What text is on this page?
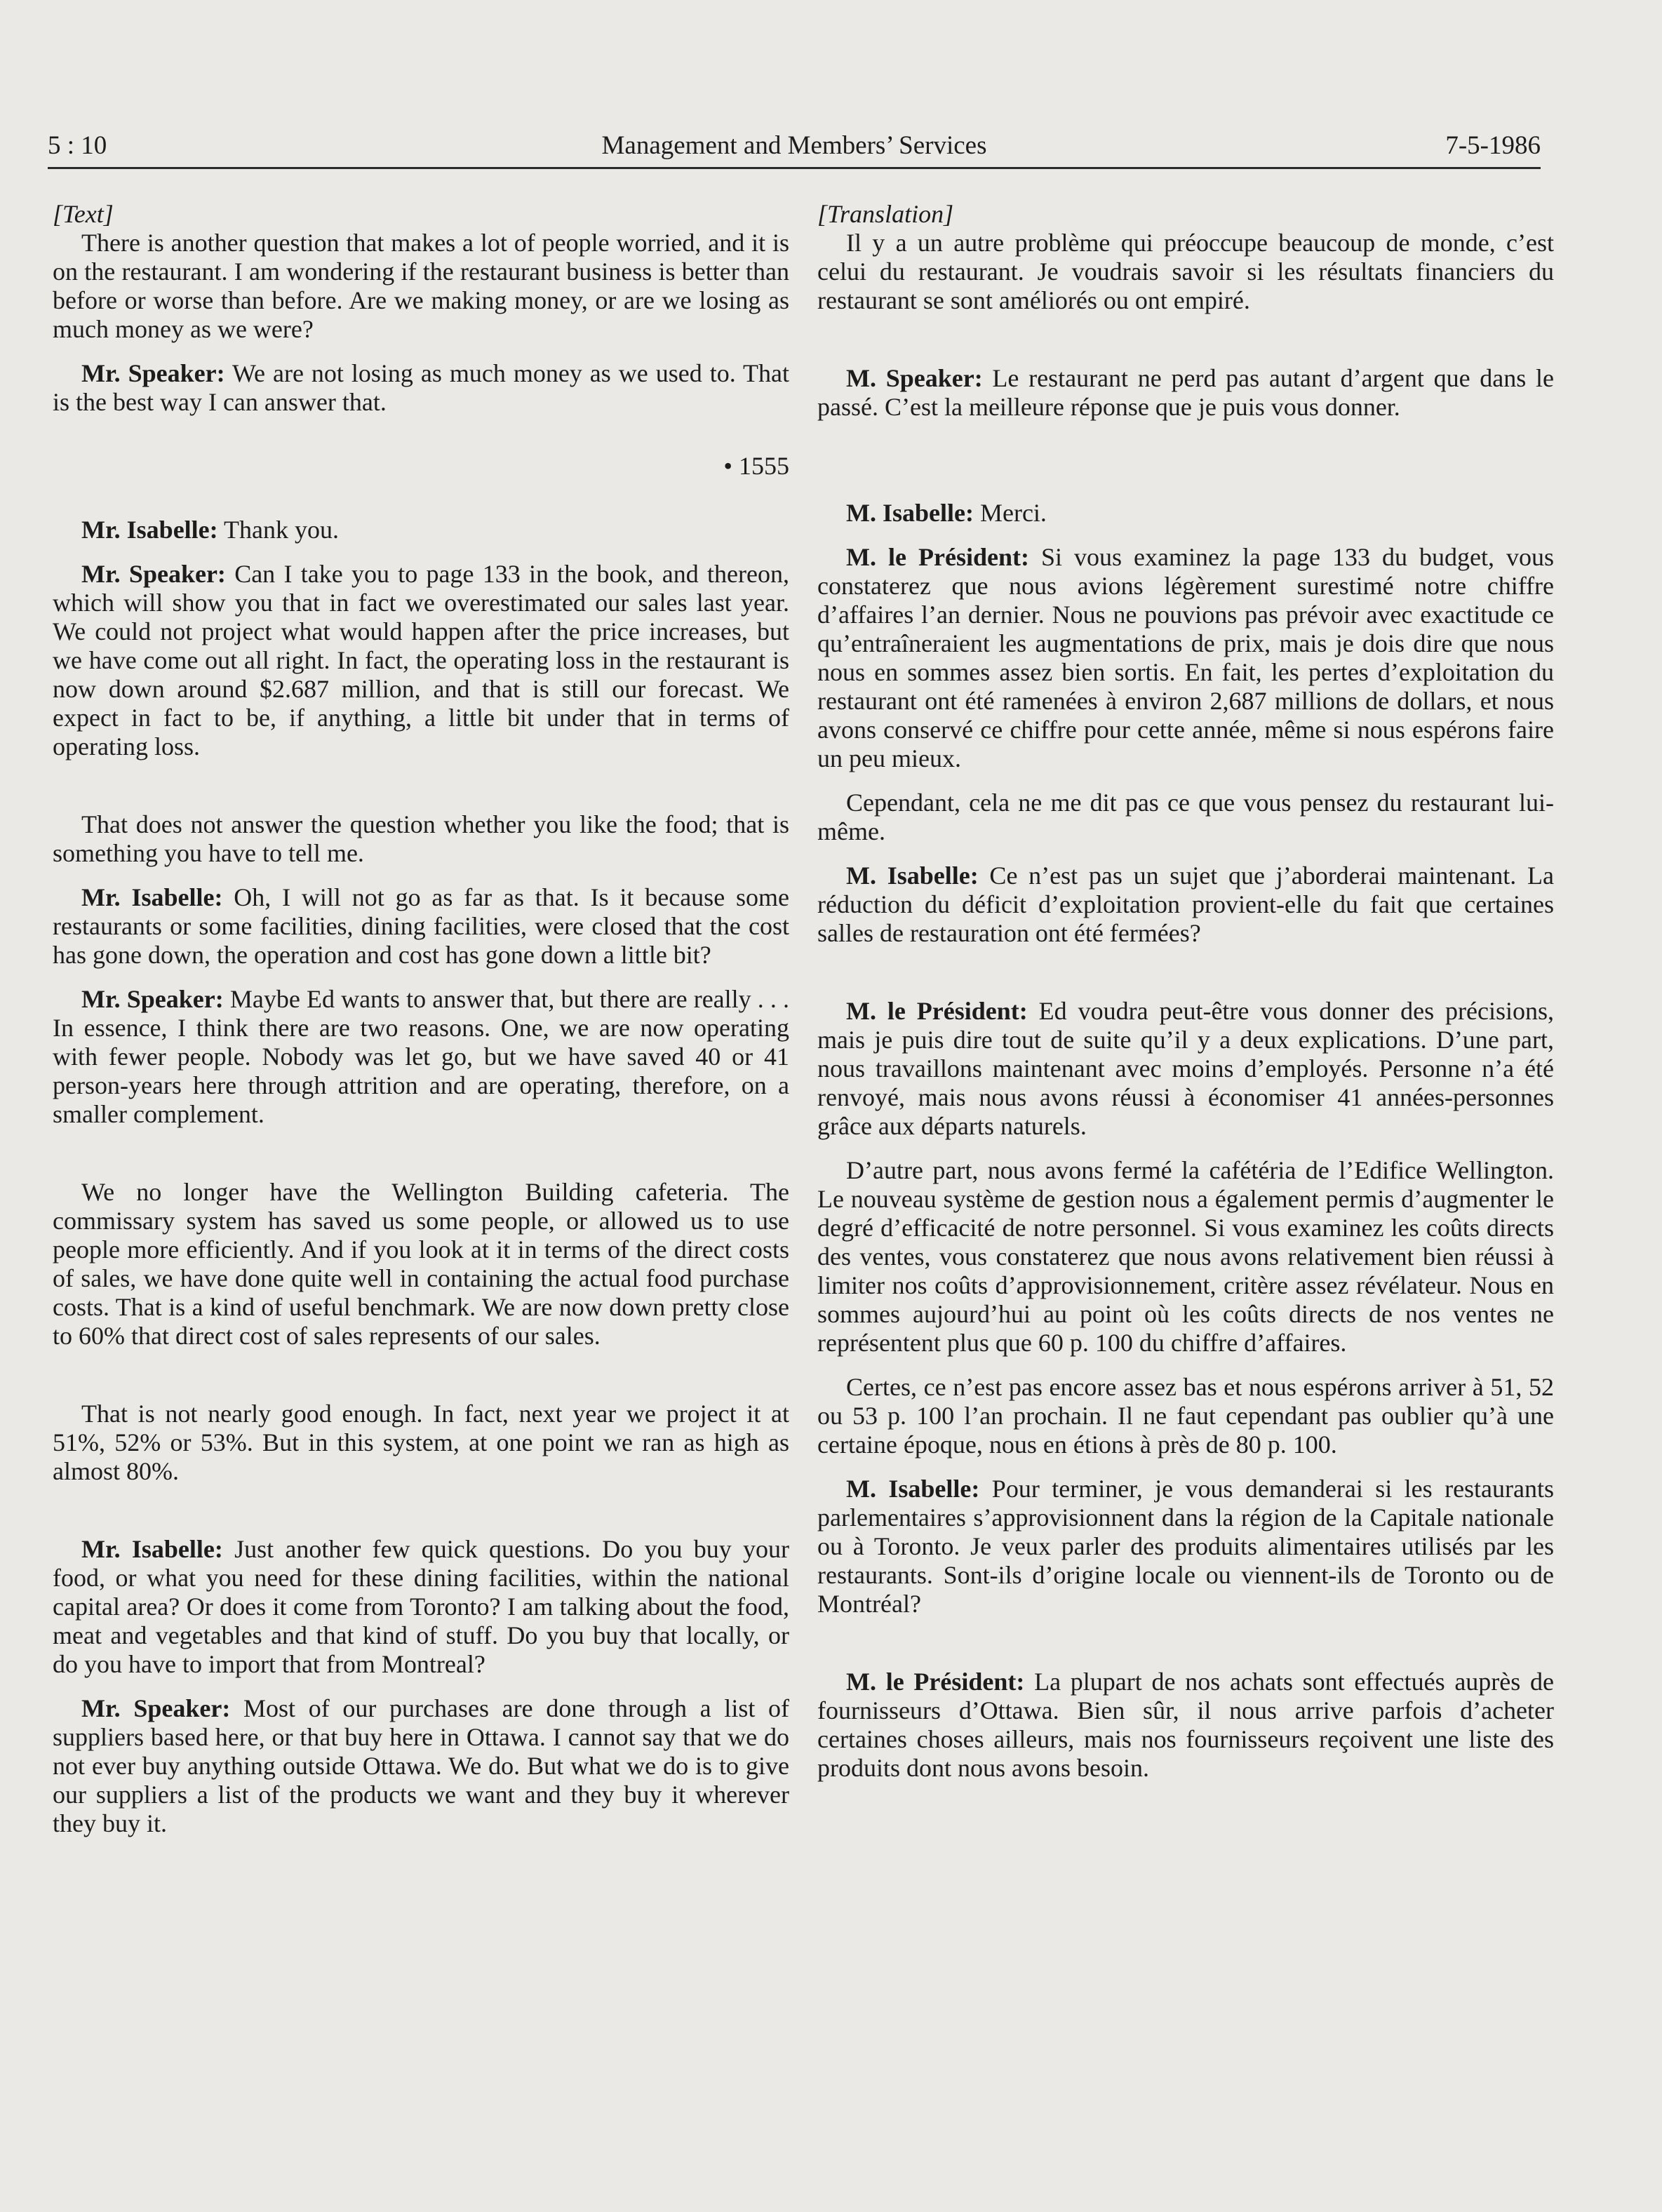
5 : 10	Management and Members’ Services	7-5-1986

[Text]

There is another question that makes a lot of people worried, and it is on the restaurant. I am wondering if the restaurant business is better than before or worse than before. Are we making money, or are we losing as much money as we were?

Mr. Speaker: We are not losing as much money as we used to. That is the best way I can answer that.

• 1555

Mr. Isabelle: Thank you.

Mr. Speaker: Can I take you to page 133 in the book, and thereon, which will show you that in fact we overestimated our sales last year. We could not project what would happen after the price increases, but we have come out all right. In fact, the operating loss in the restaurant is now down around $2.687 million, and that is still our forecast. We expect in fact to be, if anything, a little bit under that in terms of operating loss.

That does not answer the question whether you like the food; that is something you have to tell me.

Mr. Isabelle: Oh, I will not go as far as that. Is it because some restaurants or some facilities, dining facilities, were closed that the cost has gone down, the operation and cost has gone down a little bit?

Mr. Speaker: Maybe Ed wants to answer that, but there are really . . . In essence, I think there are two reasons. One, we are now operating with fewer people. Nobody was let go, but we have saved 40 or 41 person-years here through attrition and are operating, therefore, on a smaller complement.

We no longer have the Wellington Building cafeteria. The commissary system has saved us some people, or allowed us to use people more efficiently. And if you look at it in terms of the direct costs of sales, we have done quite well in containing the actual food purchase costs. That is a kind of useful benchmark. We are now down pretty close to 60% that direct cost of sales represents of our sales.

That is not nearly good enough. In fact, next year we project it at 51%, 52% or 53%. But in this system, at one point we ran as high as almost 80%.

Mr. Isabelle: Just another few quick questions. Do you buy your food, or what you need for these dining facilities, within the national capital area? Or does it come from Toronto? I am talking about the food, meat and vegetables and that kind of stuff. Do you buy that locally, or do you have to import that from Montreal?

Mr. Speaker: Most of our purchases are done through a list of suppliers based here, or that buy here in Ottawa. I cannot say that we do not ever buy anything outside Ottawa. We do. But what we do is to give our suppliers a list of the products we want and they buy it wherever they buy it.

[Translation]

Il y a un autre problème qui préoccupe beaucoup de monde, c’est celui du restaurant. Je voudrais savoir si les résultats financiers du restaurant se sont améliorés ou ont empiré.

M. Speaker: Le restaurant ne perd pas autant d’argent que dans le passé. C’est la meilleure réponse que je puis vous donner.

M. Isabelle: Merci.

M. le Président: Si vous examinez la page 133 du budget, vous constaterez que nous avions légèrement surestimé notre chiffre d’affaires l’an dernier. Nous ne pouvions pas prévoir avec exactitude ce qu’entraîneraient les augmentations de prix, mais je dois dire que nous nous en sommes assez bien sortis. En fait, les pertes d’exploitation du restaurant ont été ramenées à environ 2,687 millions de dollars, et nous avons conservé ce chiffre pour cette année, même si nous espérons faire un peu mieux.

Cependant, cela ne me dit pas ce que vous pensez du restaurant lui-même.

M. Isabelle: Ce n’est pas un sujet que j’aborderai maintenant. La réduction du déficit d’exploitation provient-elle du fait que certaines salles de restauration ont été fermées?

M. le Président: Ed voudra peut-être vous donner des précisions, mais je puis dire tout de suite qu’il y a deux explications. D’une part, nous travaillons maintenant avec moins d’employés. Personne n’a été renvoyé, mais nous avons réussi à économiser 41 années-personnes grâce aux départs naturels.

D’autre part, nous avons fermé la cafétéria de l’Edifice Wellington. Le nouveau système de gestion nous a également permis d’augmenter le degré d’efficacité de notre personnel. Si vous examinez les coûts directs des ventes, vous constaterez que nous avons relativement bien réussi à limiter nos coûts d’approvisionnement, critère assez révélateur. Nous en sommes aujourd’hui au point où les coûts directs de nos ventes ne représentent plus que 60 p. 100 du chiffre d’affaires.

Certes, ce n’est pas encore assez bas et nous espérons arriver à 51, 52 ou 53 p. 100 l’an prochain. Il ne faut cependant pas oublier qu’à une certaine époque, nous en étions à près de 80 p. 100.

M. Isabelle: Pour terminer, je vous demanderai si les restaurants parlementaires s’approvisionnent dans la région de la Capitale nationale ou à Toronto. Je veux parler des produits alimentaires utilisés par les restaurants. Sont-ils d’origine locale ou viennent-ils de Toronto ou de Montréal?

M. le Président: La plupart de nos achats sont effectués auprès de fournisseurs d’Ottawa. Bien sûr, il nous arrive parfois d’acheter certaines choses ailleurs, mais nos fournisseurs reçoivent une liste des produits dont nous avons besoin.
